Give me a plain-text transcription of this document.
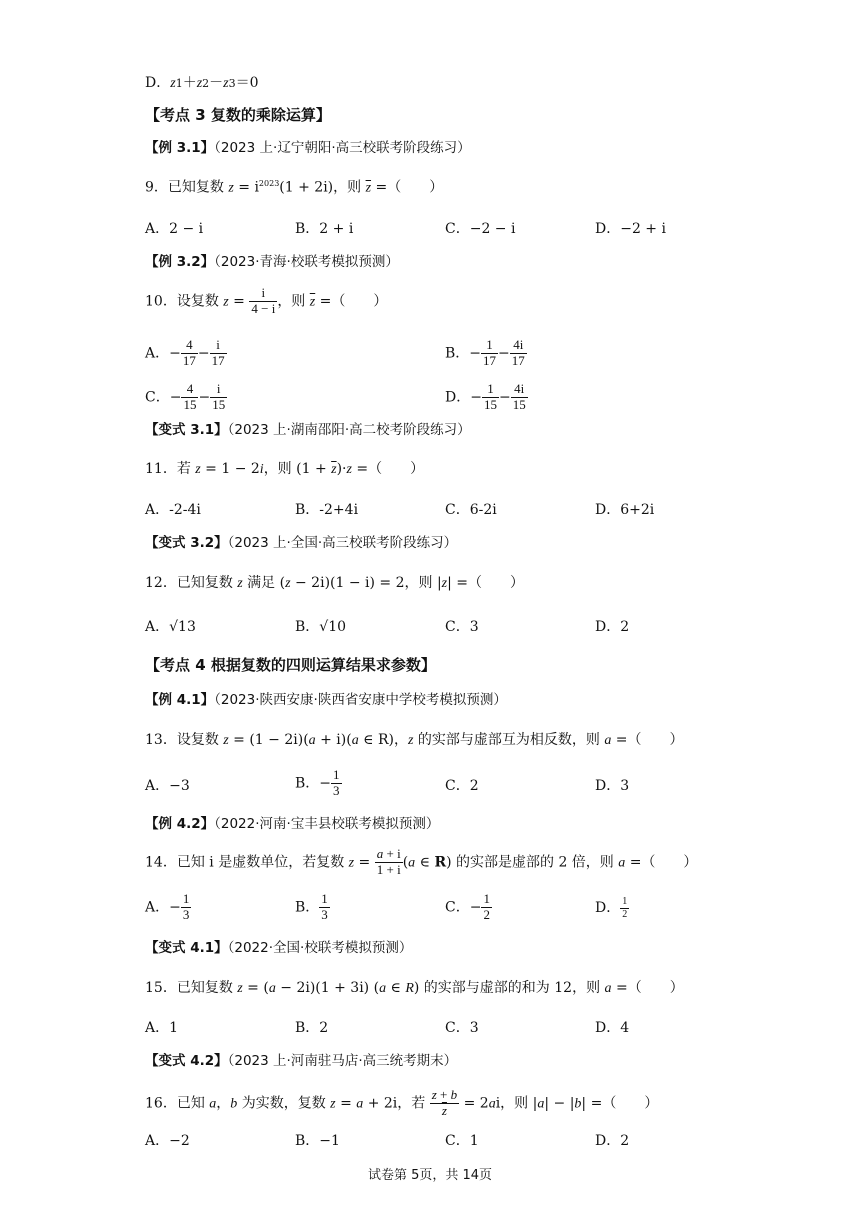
D．z1＋z2－z3＝0
【考点 3 复数的乘除运算】
【例 3.1】（2023 上·辽宁朝阳·高三校联考阶段练习）
9．已知复数 $z = i^{2023}(1 + 2i)$，则 $\overline{z}$ =（　　）
A．2 − i	B．2 + i	C．−2 − i	D．−2 + i
【例 3.2】（2023·青海·校联考模拟预测）
10．设复数 $z = \frac{i}{4 - i}$ ，则 $\overline{z}$ =（　　）
A．− $\frac{4}{17} - \frac{i}{17}$	B．− $\frac{1}{17} - \frac{4i}{17}$
C．− $\frac{4}{15} - \frac{i}{15}$	D．− $\frac{1}{15} - \frac{4i}{15}$
【变式 3.1】（2023 上·湖南邵阳·高二校考阶段练习）
11．若 z = 1 − 2i，则 $(1 + \overline{z})\cdot z$ =（　　）
A．-2-4i	B．-2+4i	C．6-2i	D．6+2i
【变式 3.2】（2023 上·全国·高三校联考阶段练习）
12．已知复数 z 满足 (z − 2i)(1 − i) = 2，则 |z| =（　　）
A．√13	B．√10	C．3	D．2
【考点 4 根据复数的四则运算结果求参数】
【例 4.1】（2023·陕西安康·陕西省安康中学校考模拟预测）
13．设复数 z = (1 − 2i)(a + i)(a ∈ R)，z 的实部与虚部互为相反数，则 a =（　　）
A．−3	B．− $\frac{1}{3}$	C．2	D．3
【例 4.2】（2022·河南·宝丰县校联考模拟预测）
14．已知 i 是虚数单位，若复数 $z = \frac{a + i}{1 + i} (a$ ∈ R) 的实部是虚部的 2 倍，则 a =（　　）
A．− $\frac{1}{3}$	B． $\frac{1}{3}$	C．− $\frac{1}{2}$	D． $\frac{1}{2}$
【变式 4.1】（2022·全国·校联考模拟预测）
15．已知复数 z = (a − 2i)(1 + 3i) (a ∈ R) 的实部与虚部的和为 12，则 a =（　　）
A．1	B．2	C．3	D．4
【变式 4.2】（2023 上·河南驻马店·高三统考期末）
16．已知 a，b 为实数，复数 z = a + 2i，若 $\frac{z + b}{z} = 2ai$，则 |a| − |b| =（　　）
A．−2	B．−1	C．1	D．2
试卷第 5页，共 14页
